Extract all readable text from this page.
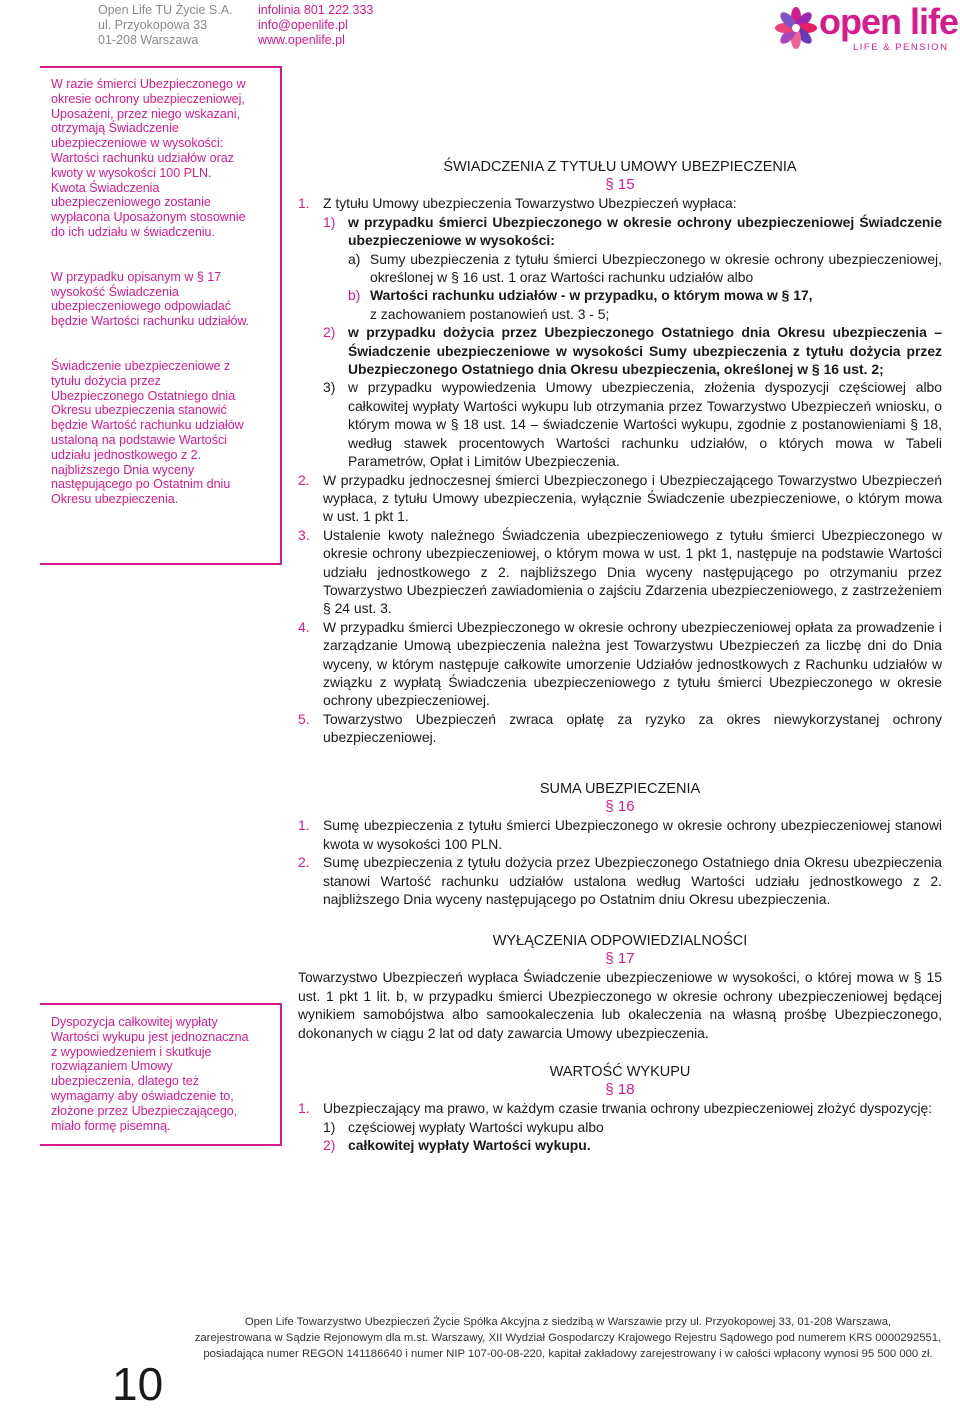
Open Life TU Życie S.A.
ul. Przyokopowa 33
01-208 Warszawa
infolinia 801 222 333
info@openlife.pl
www.openlife.pl	open life
LIFE & PENSION

W razie śmierci Ubezpieczonego w okresie ochrony ubezpieczeniowej, Uposażeni, przez niego wskazani, otrzymają Świadczenie ubezpieczeniowe w wysokości: Wartości rachunku udziałów oraz kwoty w wysokości 100 PLN.

Kwota Świadczenia ubezpieczeniowego zostanie wypłacona Uposażonym stosownie do ich udziału w świadczeniu.

W przypadku opisanym w § 17 wysokość Świadczenia ubezpieczeniowego odpowiadać będzie Wartości rachunku udziałów.

Świadczenie ubezpieczeniowe z tytułu dożycia przez Ubezpieczonego Ostatniego dnia Okresu ubezpieczenia stanowić będzie Wartość rachunku udziałów ustaloną na podstawie Wartości udziału jednostkowego z 2. najbliższego Dnia wyceny następującego po Ostatnim dniu Okresu ubezpieczenia.

Dyspozycja całkowitej wypłaty Wartości wykupu jest jednoznaczna z wypowiedzeniem i skutkuje rozwiązaniem Umowy ubezpieczenia, dlatego też wymagamy aby oświadczenie to, złożone przez Ubezpieczającego, miało formę pisemną.

ŚWIADCZENIA Z TYTUŁU UMOWY UBEZPIECZENIA

§ 15

1. Z tytułu Umowy ubezpieczenia Towarzystwo Ubezpieczeń wypłaca:
1) w przypadku śmierci Ubezpieczonego w okresie ochrony ubezpieczeniowej Świadczenie ubezpieczeniowe w wysokości:
a) Sumy ubezpieczenia z tytułu śmierci Ubezpieczonego w okresie ochrony ubezpieczeniowej, określonej w § 16 ust. 1 oraz Wartości rachunku udziałów albo
b) Wartości rachunku udziałów - w przypadku, o którym mowa w § 17,
z zachowaniem postanowień ust. 3 - 5;
2) w przypadku dożycia przez Ubezpieczonego Ostatniego dnia Okresu ubezpieczenia – Świadczenie ubezpieczeniowe w wysokości Sumy ubezpieczenia z tytułu dożycia przez Ubezpieczonego Ostatniego dnia Okresu ubezpieczenia, określonej w § 16 ust. 2;
3) w przypadku wypowiedzenia Umowy ubezpieczenia, złożenia dyspozycji częściowej albo całkowitej wypłaty Wartości wykupu lub otrzymania przez Towarzystwo Ubezpieczeń wniosku, o którym mowa w § 18 ust. 14 – świadczenie Wartości wykupu, zgodnie z postanowieniami § 18, według stawek procentowych Wartości rachunku udziałów, o których mowa w Tabeli Parametrów, Opłat i Limitów Ubezpieczenia.
2. W przypadku jednoczesnej śmierci Ubezpieczonego i Ubezpieczającego Towarzystwo Ubezpieczeń wypłaca, z tytułu Umowy ubezpieczenia, wyłącznie Świadczenie ubezpieczeniowe, o którym mowa w ust. 1 pkt 1.
3. Ustalenie kwoty należnego Świadczenia ubezpieczeniowego z tytułu śmierci Ubezpieczonego w okresie ochrony ubezpieczeniowej, o którym mowa w ust. 1 pkt 1, następuje na podstawie Wartości udziału jednostkowego z 2. najbliższego Dnia wyceny następującego po otrzymaniu przez Towarzystwo Ubezpieczeń zawiadomienia o zajściu Zdarzenia ubezpieczeniowego, z zastrzeżeniem § 24 ust. 3.
4. W przypadku śmierci Ubezpieczonego w okresie ochrony ubezpieczeniowej opłata za prowadzenie i zarządzanie Umową ubezpieczenia należna jest Towarzystwu Ubezpieczeń za liczbę dni do Dnia wyceny, w którym następuje całkowite umorzenie Udziałów jednostkowych z Rachunku udziałów w związku z wypłatą Świadczenia ubezpieczeniowego z tytułu śmierci Ubezpieczonego w okresie ochrony ubezpieczeniowej.
5. Towarzystwo Ubezpieczeń zwraca opłatę za ryzyko za okres niewykorzystanej ochrony ubezpieczeniowej.

SUMA UBEZPIECZENIA

§ 16

1. Sumę ubezpieczenia z tytułu śmierci Ubezpieczonego w okresie ochrony ubezpieczeniowej stanowi kwota w wysokości 100 PLN.
2. Sumę ubezpieczenia z tytułu dożycia przez Ubezpieczonego Ostatniego dnia Okresu ubezpieczenia stanowi Wartość rachunku udziałów ustalona według Wartości udziału jednostkowego z 2. najbliższego Dnia wyceny następującego po Ostatnim dniu Okresu ubezpieczenia.

WYŁĄCZENIA ODPOWIEDZIALNOŚCI

§ 17

Towarzystwo Ubezpieczeń wypłaca Świadczenie ubezpieczeniowe w wysokości, o której mowa w § 15 ust. 1 pkt 1 lit. b, w przypadku śmierci Ubezpieczonego w okresie ochrony ubezpieczeniowej będącej wynikiem samobójstwa albo samookaleczenia lub okaleczenia na własną prośbę Ubezpieczonego, dokonanych w ciągu 2 lat od daty zawarcia Umowy ubezpieczenia.

WARTOŚĆ WYKUPU

§ 18

1. Ubezpieczający ma prawo, w każdym czasie trwania ochrony ubezpieczeniowej złożyć dyspozycję:
1) częściowej wypłaty Wartości wykupu albo
2) całkowitej wypłaty Wartości wykupu.
10
Open Life Towarzystwo Ubezpieczeń Życie Spółka Akcyjna z siedzibą w Warszawie przy ul. Przyokopowej 33, 01-208 Warszawa,
zarejestrowana w Sądzie Rejonowym dla m.st. Warszawy, XII Wydział Gospodarczy Krajowego Rejestru Sądowego pod numerem KRS 0000292551,
posiadająca numer REGON 141186640 i numer NIP 107-00-08-220, kapitał zakładowy zarejestrowany i w całości wpłacony wynosi 95 500 000 zł.
